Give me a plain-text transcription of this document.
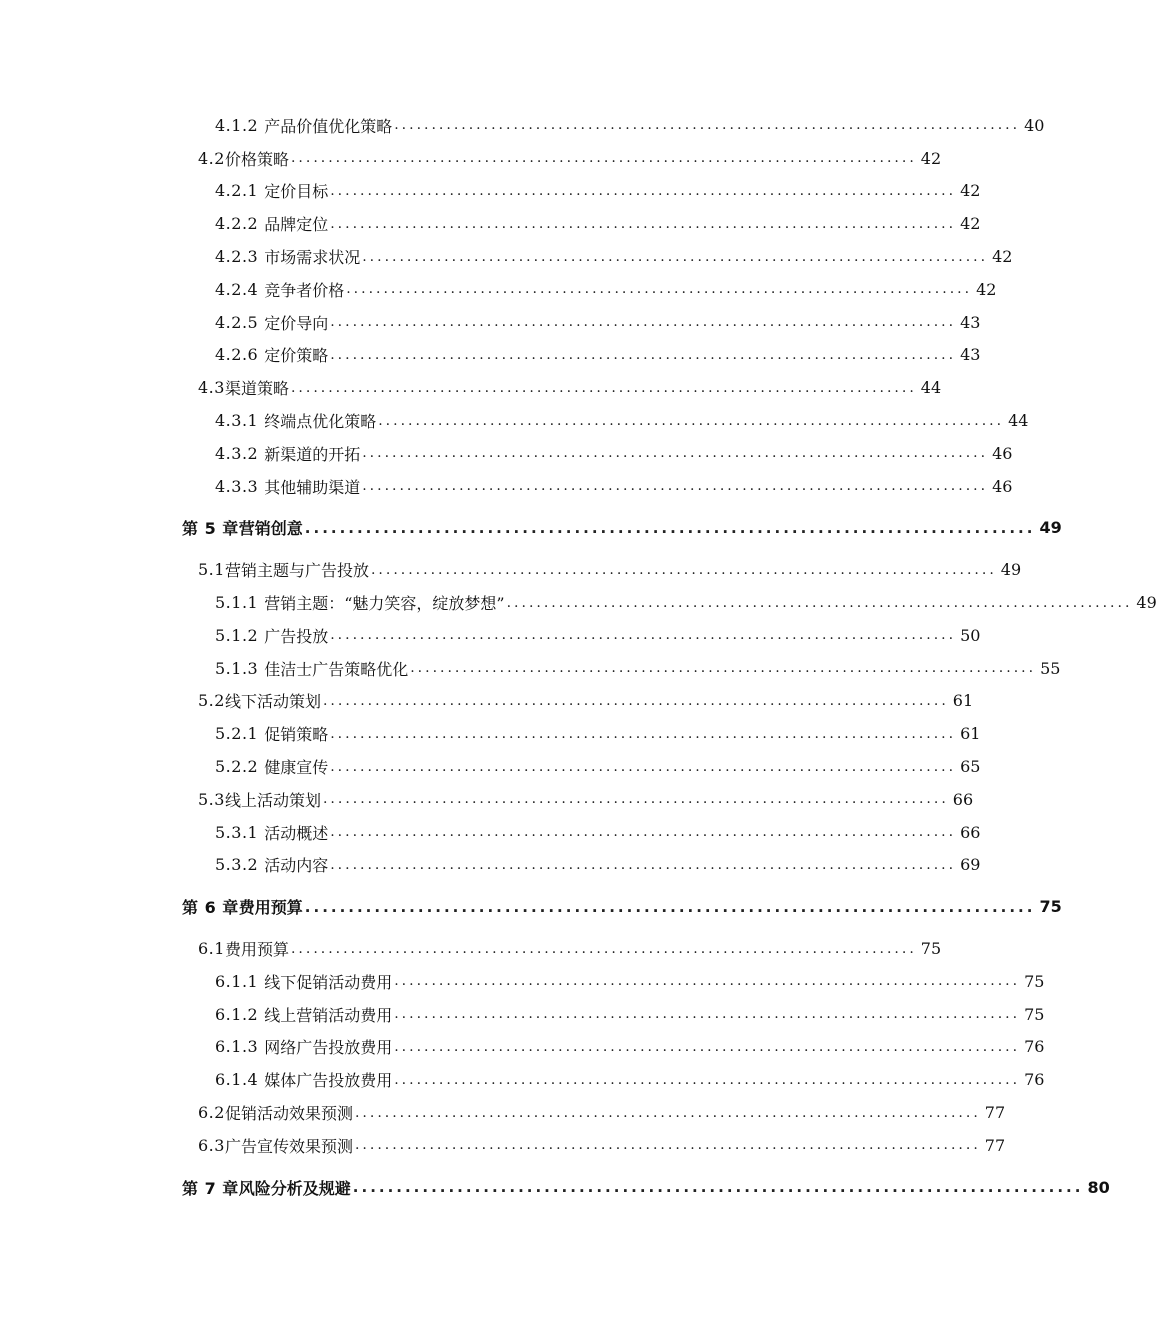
4.1.2 产品价值优化策略 .................................................................................... 40
4.2 价格策略 .................................................................................... 42
4.2.1 定价目标 .................................................................................... 42
4.2.2 品牌定位 .................................................................................... 42
4.2.3 市场需求状况 .................................................................................... 42
4.2.4 竞争者价格 .................................................................................... 42
4.2.5 定价导向 .................................................................................... 43
4.2.6 定价策略 .................................................................................... 43
4.3 渠道策略 .................................................................................... 44
4.3.1 终端点优化策略 .................................................................................... 44
4.3.2 新渠道的开拓 .................................................................................... 46
4.3.3 其他辅助渠道 .................................................................................... 46
第 5 章 营销创意 .................................................................................... 49
5.1 营销主题与广告投放 .................................................................................... 49
5.1.1 营销主题：“魅力笑容，绽放梦想” .................................................................................... 49
5.1.2 广告投放 .................................................................................... 50
5.1.3 佳洁士广告策略优化 .................................................................................... 55
5.2 线下活动策划 .................................................................................... 61
5.2.1 促销策略 .................................................................................... 61
5.2.2 健康宣传 .................................................................................... 65
5.3 线上活动策划 .................................................................................... 66
5.3.1 活动概述 .................................................................................... 66
5.3.2 活动内容 .................................................................................... 69
第 6 章 费用预算 .................................................................................... 75
6.1 费用预算 .................................................................................... 75
6.1.1 线下促销活动费用 .................................................................................... 75
6.1.2 线上营销活动费用 .................................................................................... 75
6.1.3 网络广告投放费用 .................................................................................... 76
6.1.4 媒体广告投放费用 .................................................................................... 76
6.2 促销活动效果预测 .................................................................................... 77
6.3 广告宣传效果预测 .................................................................................... 77
第 7 章 风险分析及规避 .................................................................................... 80
